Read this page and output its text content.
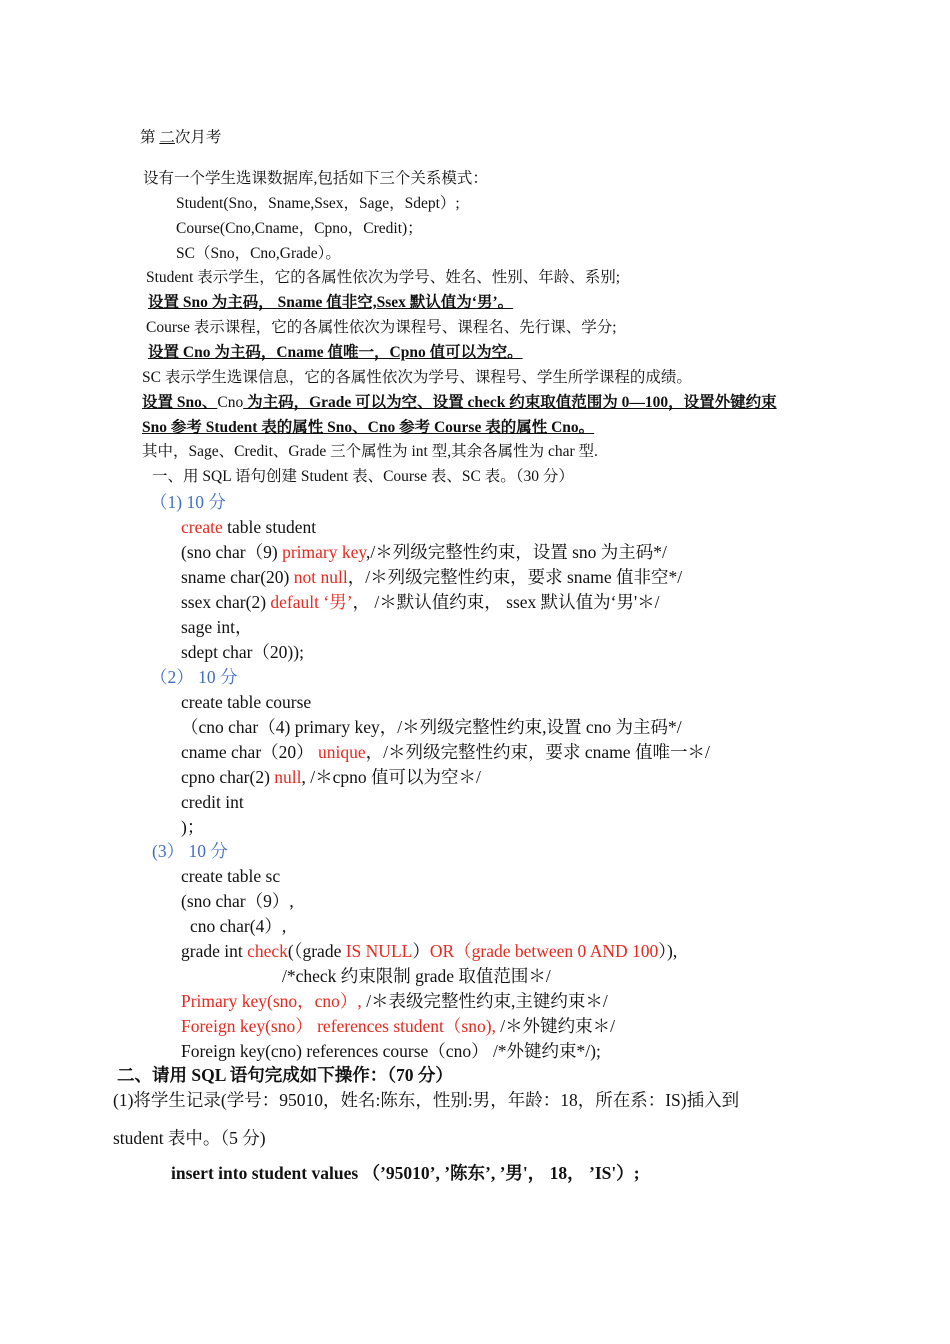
第 二次月考
设有一个学生选课数据库,包括如下三个关系模式：
Student(Sno，Sname,Ssex，Sage，Sdept）;
Course(Cno,Cname，Cpno，Credit)；
SC（Sno，Cno,Grade）。
Student 表示学生，它的各属性依次为学号、姓名、性别、年龄、系别;
设置 Sno 为主码， Sname 值非空,Ssex 默认值为‘男’。
Course 表示课程，它的各属性依次为课程号、课程名、先行课、学分;
设置 Cno 为主码，Cname 值唯一，Cpno 值可以为空。
SC 表示学生选课信息，它的各属性依次为学号、课程号、学生所学课程的成绩。
设置 Sno、Cno 为主码，Grade 可以为空、设置 check 约束取值范围为 0—100，设置外键约束
Sno 参考 Student 表的属性 Sno、Cno 参考 Course 表的属性 Cno。
其中，Sage、Credit、Grade 三个属性为 int 型,其余各属性为 char 型.
一、用 SQL 语句创建 Student 表、Course 表、SC 表。（30 分）
（1) 10 分
create table student
(sno char（9) primary key,/＊列级完整性约束，设置 sno 为主码*/
sname char(20) not null，/＊列级完整性约束，要求 sname 值非空*/
ssex char(2) default ‘男’， /＊默认值约束， ssex 默认值为‘男'＊/
sage int，
sdept char（20));
（2） 10 分
create table course
（cno char（4) primary key，/＊列级完整性约束,设置 cno 为主码*/
cname char（20） unique，/＊列级完整性约束，要求 cname 值唯一＊/
cpno char(2) null, /＊cpno 值可以为空＊/
credit int
)；
(3） 10 分
create table sc
(sno char（9）,
cno char(4）,
grade int check(（grade IS NULL）OR（grade between 0 AND 100）),
/*check 约束限制 grade 取值范围＊/
Primary key(sno，cno）, /＊表级完整性约束,主键约束＊/
Foreign key(sno） references student（sno), /＊外键约束＊/
Foreign key(cno) references course（cno） /*外键约束*/);
二、请用 SQL 语句完成如下操作：（70 分）
(1)将学生记录(学号：95010，姓名:陈东，性别:男，年龄：18，所在系：IS)插入到
student 表中。（5 分)
insert into student values （’95010’, ’陈东’, ’男'， 18， ’IS'）;
